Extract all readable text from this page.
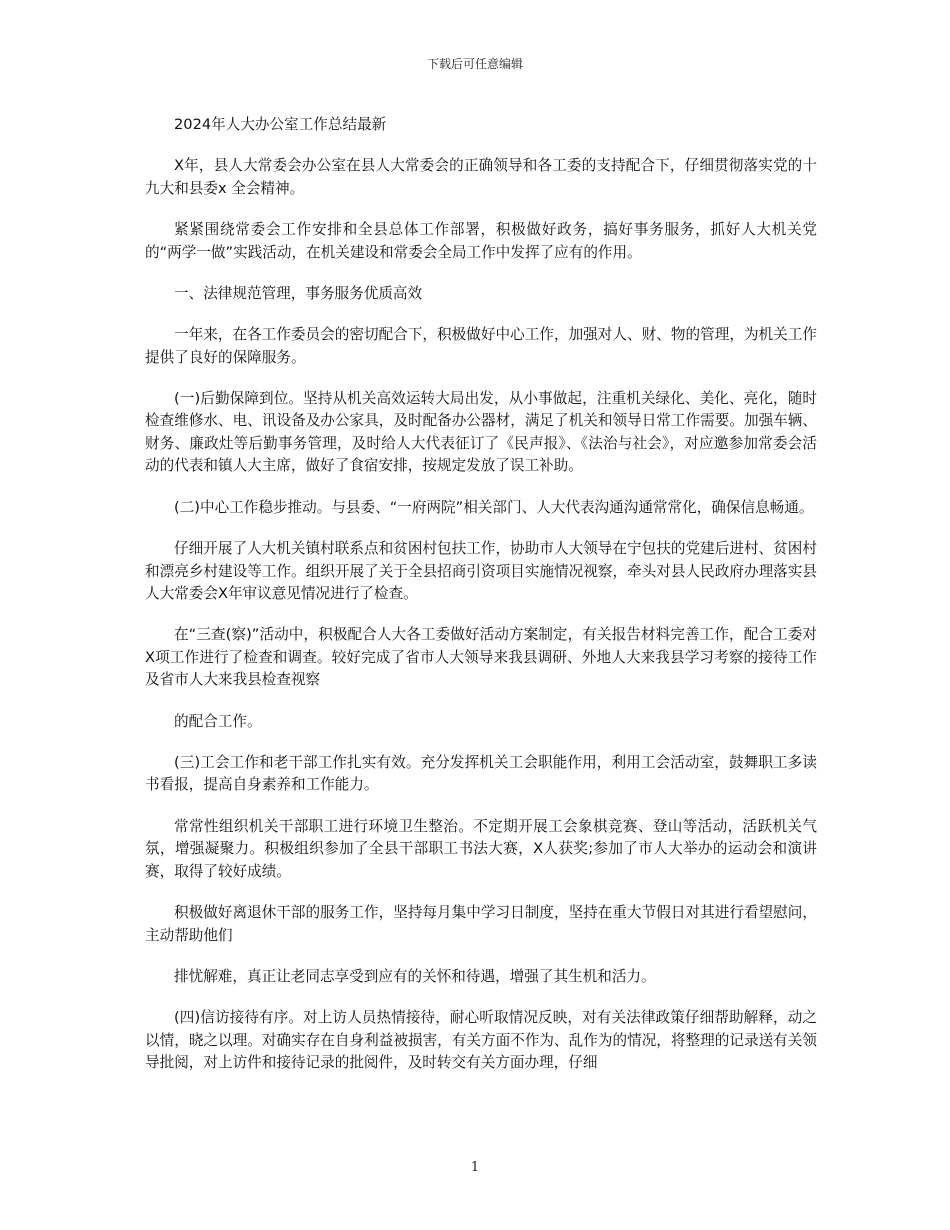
下载后可任意编辑

2024年人大办公室工作总结最新

X年，县人大常委会办公室在县人大常委会的正确领导和各工委的支持配合下，仔细贯彻落实党的十九大和县委x 全会精神。

紧紧围绕常委会工作安排和全县总体工作部署，积极做好政务，搞好事务服务，抓好人大机关党的“两学一做”实践活动，在机关建设和常委会全局工作中发挥了应有的作用。

一、法律规范管理，事务服务优质高效

一年来，在各工作委员会的密切配合下，积极做好中心工作，加强对人、财、物的管理，为机关工作提供了良好的保障服务。

(一)后勤保障到位。坚持从机关高效运转大局出发，从小事做起，注重机关绿化、美化、亮化，随时检查维修水、电、讯设备及办公家具，及时配备办公器材，满足了机关和领导日常工作需要。加强车辆、财务、廉政灶等后勤事务管理，及时给人大代表征订了《民声报》、《法治与社会》，对应邀参加常委会活动的代表和镇人大主席，做好了食宿安排，按规定发放了误工补助。

(二)中心工作稳步推动。与县委、“一府两院”相关部门、人大代表沟通沟通常常化，确保信息畅通。

仔细开展了人大机关镇村联系点和贫困村包扶工作，协助市人大领导在宁包扶的党建后进村、贫困村和漂亮乡村建设等工作。组织开展了关于全县招商引资项目实施情况视察，牵头对县人民政府办理落实县人大常委会X年审议意见情况进行了检查。

在“三查(察)”活动中，积极配合人大各工委做好活动方案制定，有关报告材料完善工作，配合工委对X项工作进行了检查和调查。较好完成了省市人大领导来我县调研、外地人大来我县学习考察的接待工作及省市人大来我县检查视察

的配合工作。

(三)工会工作和老干部工作扎实有效。充分发挥机关工会职能作用，利用工会活动室，鼓舞职工多读书看报，提高自身素养和工作能力。

常常性组织机关干部职工进行环境卫生整治。不定期开展工会象棋竞赛、登山等活动，活跃机关气氛，增强凝聚力。积极组织参加了全县干部职工书法大赛，X人获奖;参加了市人大举办的运动会和演讲赛，取得了较好成绩。

积极做好离退休干部的服务工作，坚持每月集中学习日制度，坚持在重大节假日对其进行看望慰问，主动帮助他们

排忧解难，真正让老同志享受到应有的关怀和待遇，增强了其生机和活力。

(四)信访接待有序。对上访人员热情接待，耐心听取情况反映，对有关法律政策仔细帮助解释，动之以情，晓之以理。对确实存在自身利益被损害，有关方面不作为、乱作为的情况，将整理的记录送有关领导批阅，对上访件和接待记录的批阅件，及时转交有关方面办理，仔细

1
